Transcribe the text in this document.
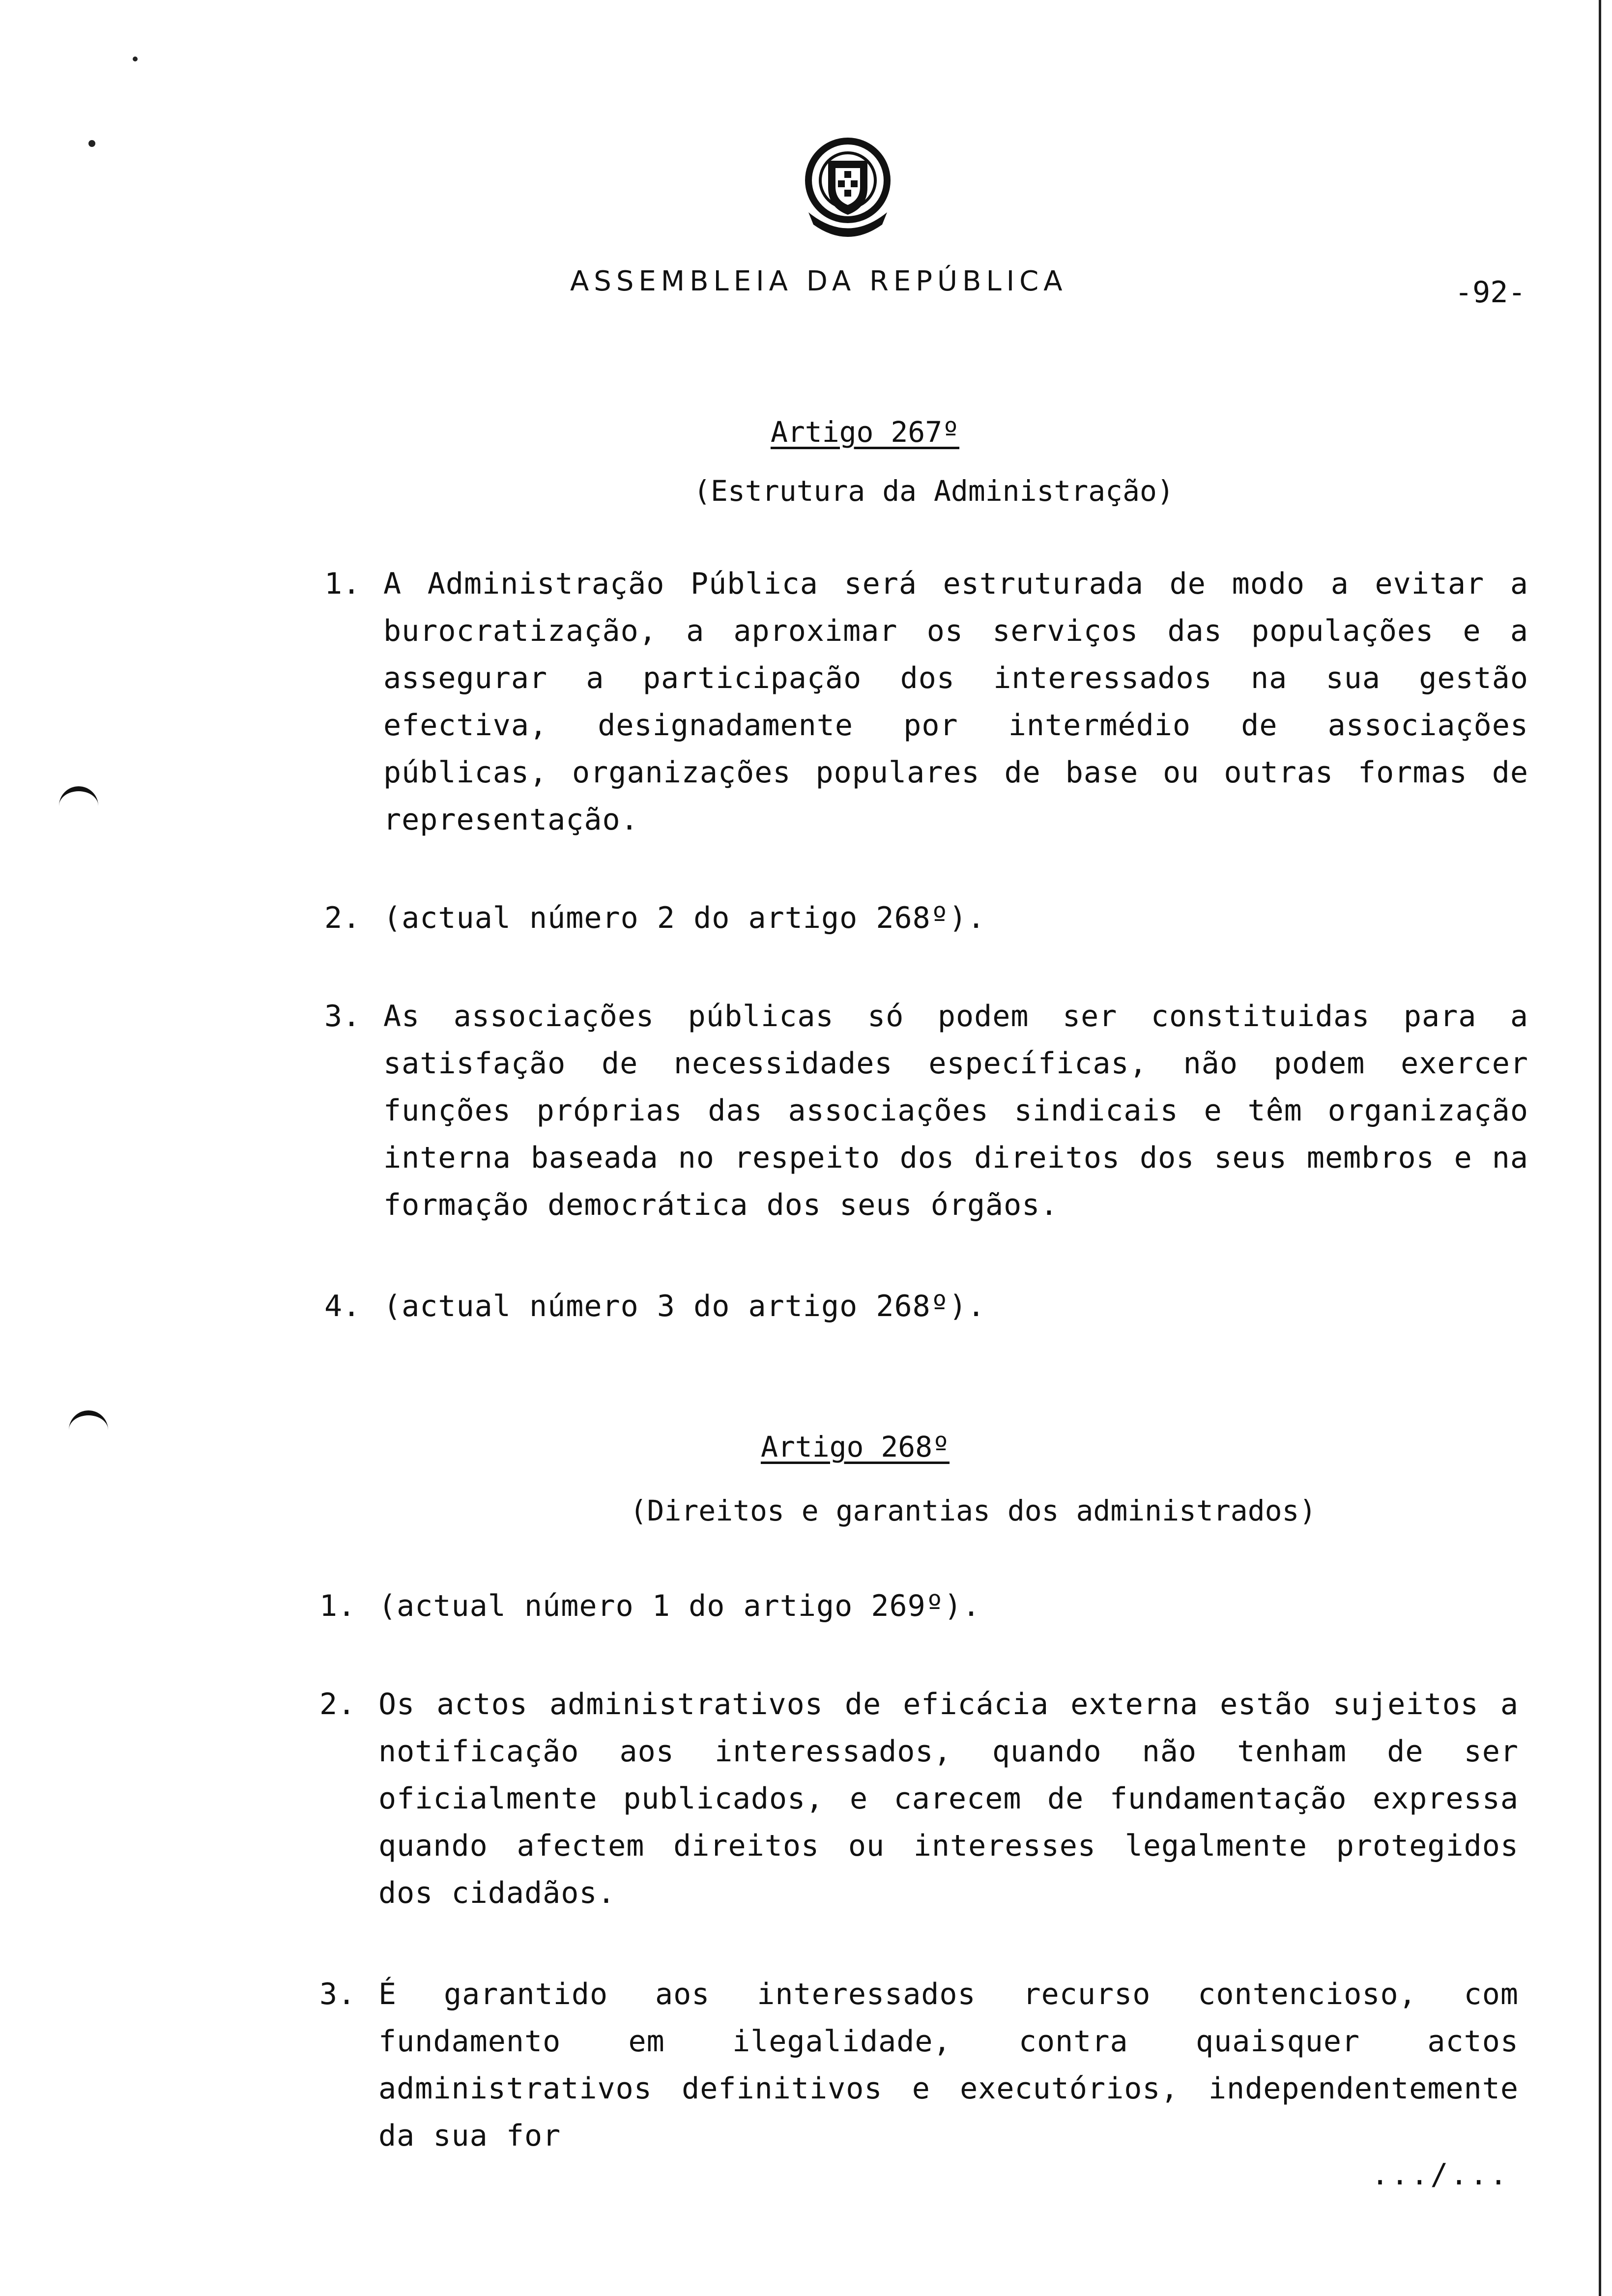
ASSEMBLEIA DA REPÚBLICA	-92-
Artigo 267º
(Estrutura da Administração)
1. A Administração Pública será estruturada de modo a evitar a burocratização, a aproximar os serviços das populações e a assegurar a participação dos interessados na sua gestão efectiva, designadamente por intermédio de associações públicas, organizações populares de base ou outras formas de representação.
2. (actual número 2 do artigo 268º).
3. As associações públicas só podem ser constituidas para a satisfação de necessidades específicas, não podem exercer funções próprias das associações sindicais e têm organização interna baseada no respeito dos direitos dos seus membros e na formação democrática dos seus órgãos.
4. (actual número 3 do artigo 268º).
Artigo 268º
(Direitos e garantias dos administrados)
1. (actual número 1 do artigo 269º).
2. Os actos administrativos de eficácia externa estão sujeitos a notificação aos interessados, quando não tenham de ser oficialmente publicados, e carecem de fundamentação expressa quando afectem direitos ou interesses legalmente protegidos dos cidadãos.
3. É garantido aos interessados recurso contencioso, com fundamento em ilegalidade, contra quaisquer actos administrativos definitivos e executórios, independentemente da sua for
.../...
